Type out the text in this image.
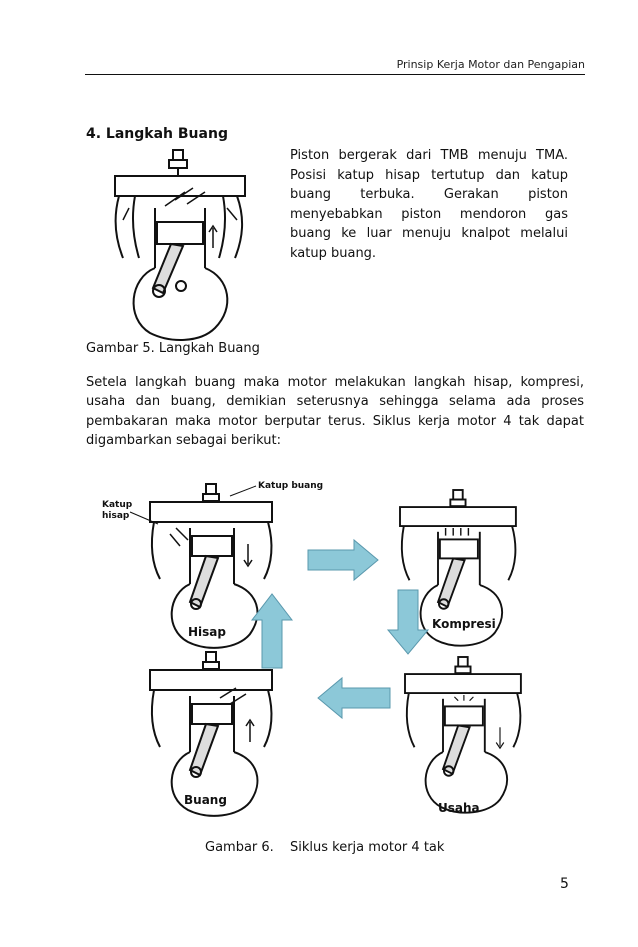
Prinsip Kerja Motor dan Pengapian
4. Langkah Buang
Piston bergerak dari TMB menuju TMA. Posisi katup hisap tertutup dan katup buang terbuka. Gerakan piston menyebabkan piston mendoron gas buang ke luar menuju knalpot melalui katup buang.
Gambar 5. Langkah Buang
Setela langkah buang maka motor melakukan langkah hisap, kompresi, usaha dan buang, demikian seterusnya sehingga selama ada proses pembakaran maka motor berputar terus. Siklus kerja motor 4 tak dapat digambarkan sebagai berikut:
Katup
hisap
Katup buang
Hisap
Kompresi
Buang
Usaha
Gambar 6. Siklus kerja motor 4 tak
5
